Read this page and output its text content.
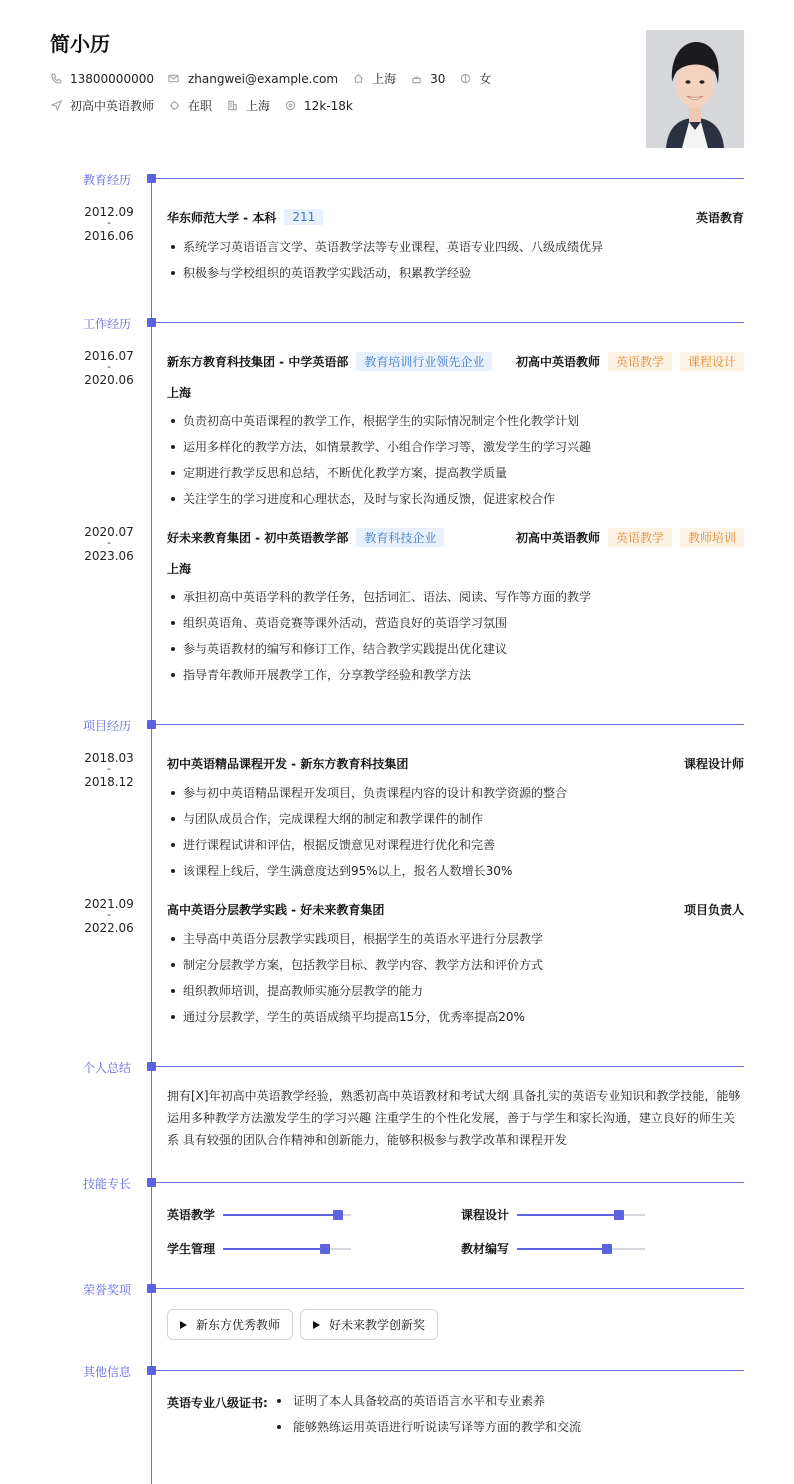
简小历
13800000000	zhangwei@example.com	上海	30	女
初高中英语教师	在职	上海	12k-18k
教育经历
2012.09
-
2016.06
华东师范大学 - 本科	211	英语教育
系统学习英语语言文学、英语教学法等专业课程，英语专业四级、八级成绩优异
积极参与学校组织的英语教学实践活动，积累教学经验
工作经历
2016.07
-
2020.06
新东方教育科技集团 - 中学英语部	教育培训行业领先企业	初高中英语教师	英语教学	课程设计
上海
负责初高中英语课程的教学工作，根据学生的实际情况制定个性化教学计划
运用多样化的教学方法，如情景教学、小组合作学习等，激发学生的学习兴趣
定期进行教学反思和总结，不断优化教学方案，提高教学质量
关注学生的学习进度和心理状态，及时与家长沟通反馈，促进家校合作
2020.07
-
2023.06
好未来教育集团 - 初中英语教学部	教育科技企业	初高中英语教师	英语教学	教师培训
上海
承担初高中英语学科的教学任务，包括词汇、语法、阅读、写作等方面的教学
组织英语角、英语竞赛等课外活动，营造良好的英语学习氛围
参与英语教材的编写和修订工作，结合教学实践提出优化建议
指导青年教师开展教学工作，分享教学经验和教学方法
项目经历
2018.03
-
2018.12
初中英语精品课程开发 - 新东方教育科技集团	课程设计师
参与初中英语精品课程开发项目，负责课程内容的设计和教学资源的整合
与团队成员合作，完成课程大纲的制定和教学课件的制作
进行课程试讲和评估，根据反馈意见对课程进行优化和完善
该课程上线后，学生满意度达到95%以上，报名人数增长30%
2021.09
-
2022.06
高中英语分层教学实践 - 好未来教育集团	项目负责人
主导高中英语分层教学实践项目，根据学生的英语水平进行分层教学
制定分层教学方案，包括教学目标、教学内容、教学方法和评价方式
组织教师培训，提高教师实施分层教学的能力
通过分层教学，学生的英语成绩平均提高15分，优秀率提高20%
个人总结
拥有[X]年初高中英语教学经验，熟悉初高中英语教材和考试大纲 具备扎实的英语专业知识和教学技能，能够运用多种教学方法激发学生的学习兴趣 注重学生的个性化发展，善于与学生和家长沟通，建立良好的师生关系 具有较强的团队合作精神和创新能力，能够积极参与教学改革和课程开发
技能专长
英语教学	课程设计
学生管理	教材编写
荣誉奖项
新东方优秀教师	好未来教学创新奖
其他信息
英语专业八级证书:	证明了本人具备较高的英语语言水平和专业素养
能够熟练运用英语进行听说读写译等方面的教学和交流
